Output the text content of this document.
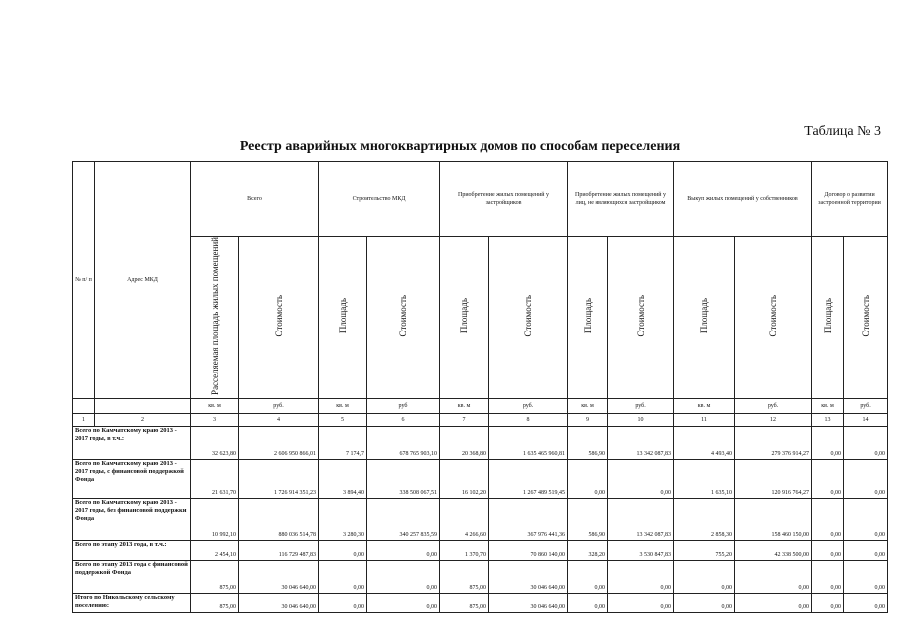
Таблица № 3
Реестр аварийных многоквартирных домов по способам переселения
№ п/ п	Адрес МКД	Всего		Строительство МКД		Приобретение жилых помещений у застройщиков		Приобретение жилых помещений у лиц, не являющихся застройщиком		Выкуп жилых помещений у собственников		Договор о развитии застроенной территории	
		Расселяемая площадь жилых помещений	Стоимость	Площадь	Стоимость	Площадь	Стоимость	Площадь	Стоимость	Площадь	Стоимость	Площадь	Стоимость
		кв. м	руб.	кв. м	руб	кв. м	руб.	кв. м	руб.	кв. м	руб.	кв. м	руб.
1	2	3	4	5	6	7	8	9	10	11	12	13	14
Всего по Камчатскому краю 2013 - 2017 годы, в т.ч.:		32 623,80	2 606 950 866,01	7 174,7	678 765 903,10	20 368,80	1 635 465 960,81	586,90	13 342 087,83	4 493,40	279 376 914,27	0,00	0,00
Всего по Камчатскому краю 2013 - 2017 годы, с финансовой поддержкой Фонда		21 631,70	1 726 914 351,23	3 894,40	338 508 067,51	16 102,20	1 267 489 519,45	0,00	0,00	1 635,10	120 916 764,27	0,00	0,00
Всего по Камчатскому краю 2013 - 2017 годы, без финансовой поддержки Фонда		10 992,10	880 036 514,78	3 280,30	340 257 835,59	4 266,60	367 976 441,36	586,90	13 342 087,83	2 858,30	158 460 150,00	0,00	0,00
Всего по этапу 2013 года, в т.ч.:		2 454,10	116 729 487,83	0,00	0,00	1 370,70	70 860 140,00	328,20	3 530 847,83	755,20	42 338 500,00	0,00	0,00
Всего по этапу 2013 года с финансовой поддержкой Фонда		875,00	30 046 640,00	0,00	0,00	875,00	30 046 640,00	0,00	0,00	0,00	0,00	0,00	0,00
Итого по Никольскому сельскому поселению:		875,00	30 046 640,00	0,00	0,00	875,00	30 046 640,00	0,00	0,00	0,00	0,00	0,00	0,00
